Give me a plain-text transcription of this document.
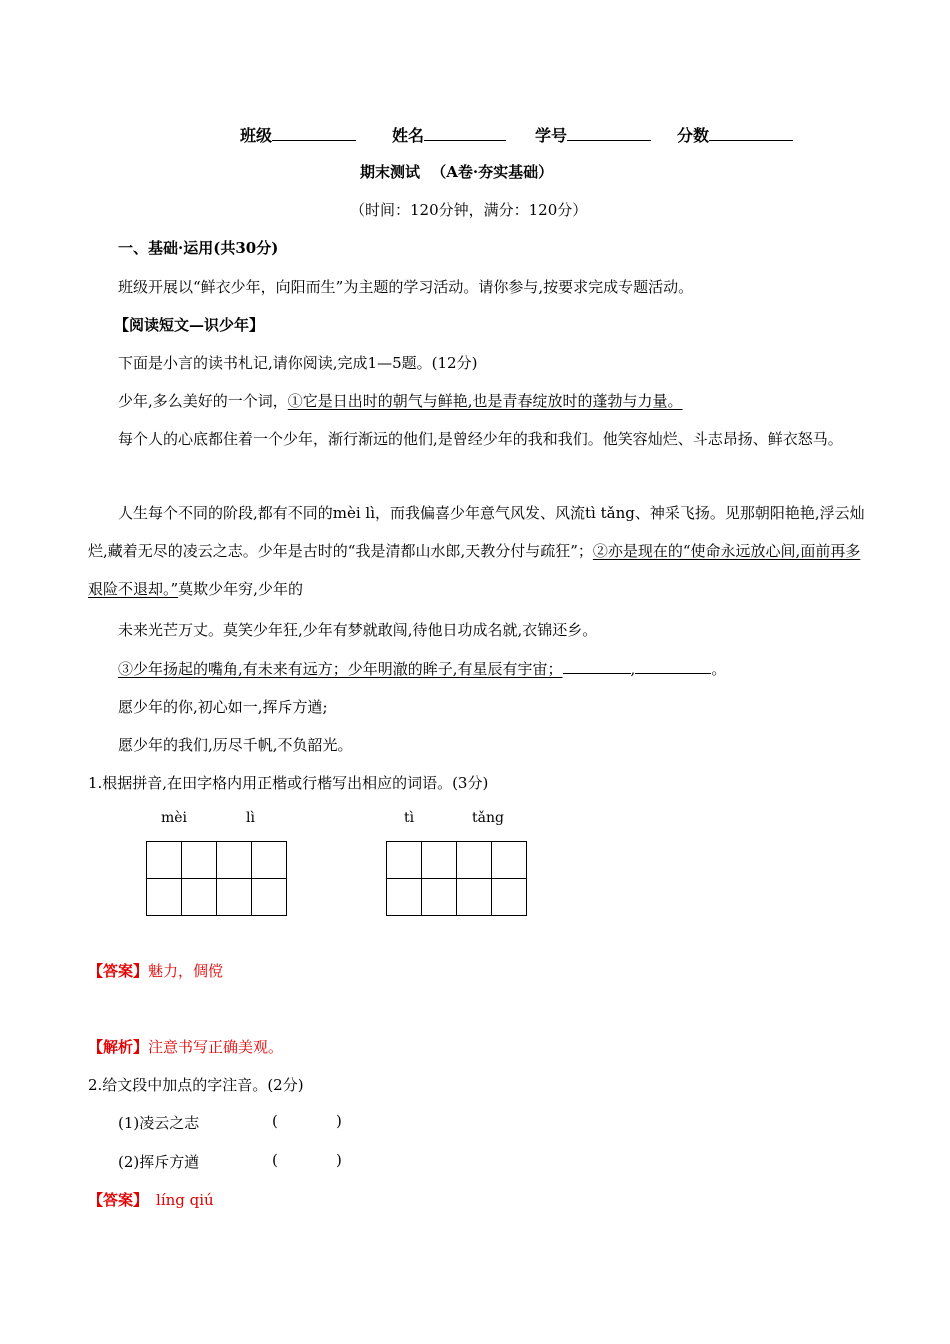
班级	姓名	学号	分数
期末测试 （A卷·夯实基础）
（时间：120分钟，满分：120分）
一、基础·运用(共30分)
班级开展以“鲜衣少年，向阳而生”为主题的学习活动。请你参与,按要求完成专题活动。
【阅读短文—识少年】
下面是小言的读书札记,请你阅读,完成1—5题。(12分)
少年,多么美好的一个词，①它是日出时的朝气与鲜艳,也是青春绽放时的蓬勃与力量。
每个人的心底都住着一个少年，渐行渐远的他们,是曾经少年的我和我们。他笑容灿烂、斗志昂扬、鲜衣怒马。
人生每个不同的阶段,都有不同的mèi lì，而我偏喜少年意气风发、风流tì tǎng、神采飞扬。见那朝阳艳艳,浮云灿烂,藏着无尽的凌云之志。少年是古时的“我是清都山水郎,天教分付与疏狂”；②亦是现在的“使命永远放心间,面前再多艰险不退却。”莫欺少年穷,少年的
未来光芒万丈。莫笑少年狂,少年有梦就敢闯,待他日功成名就,衣锦还乡。
③少年扬起的嘴角,有未来有远方；少年明澈的眸子,有星辰有宇宙；	,	。
愿少年的你,初心如一,挥斥方遒;
愿少年的我们,历尽千帆,不负韶光。
1.根据拼音,在田字格内用正楷或行楷写出相应的词语。(3分)
mèi	lì	tì	tǎng

【答案】魅力，倜傥
【解析】注意书写正确美观。
2.给文段中加点的字注音。(2分)
(1)凌云之志	(	)
(2)挥斥方遒	(	)
【答案】 líng qiú
